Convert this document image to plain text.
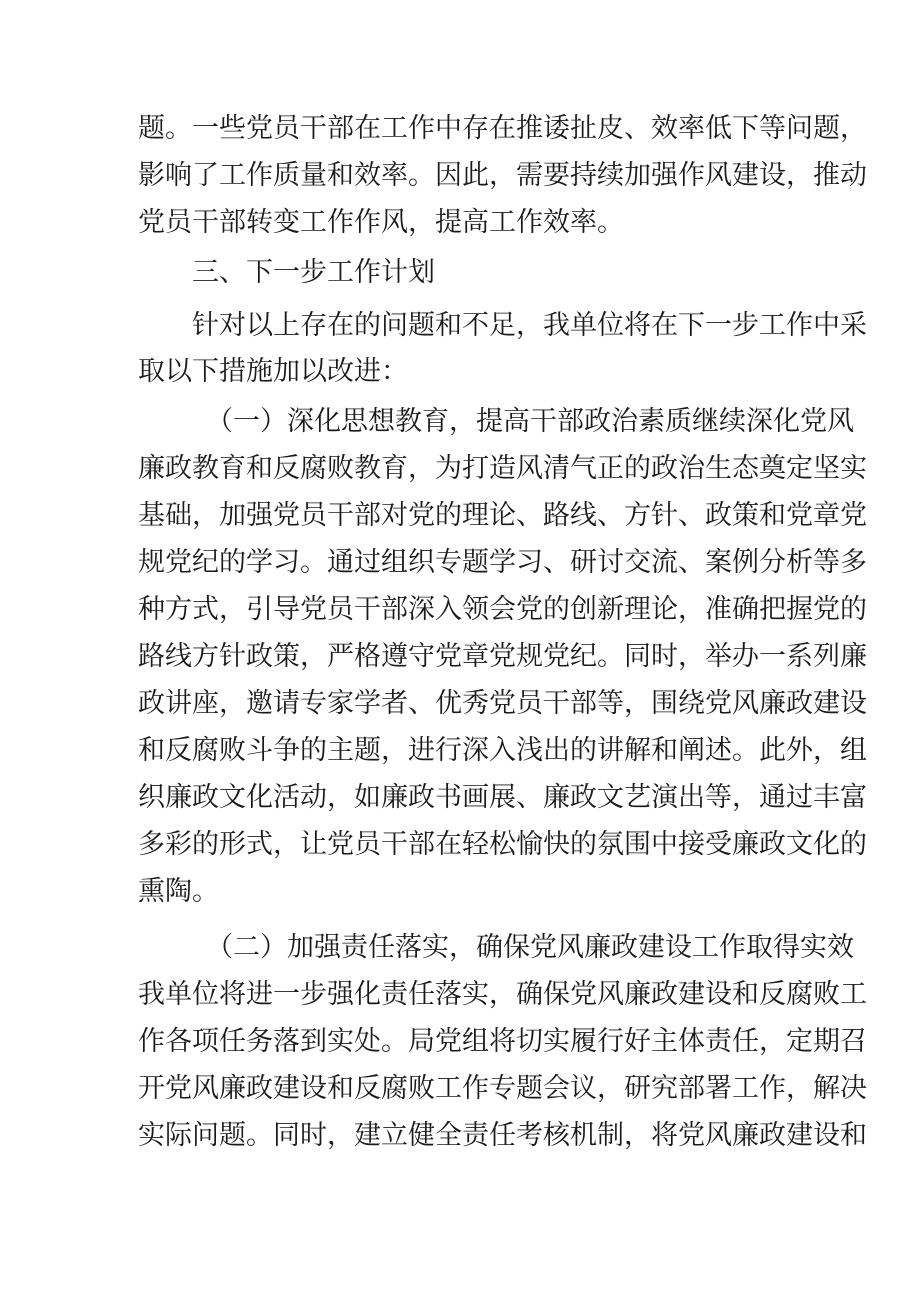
题。一些党员干部在工作中存在推诿扯皮、效率低下等问题，
影响了工作质量和效率。因此，需要持续加强作风建设，推动
党员干部转变工作作风，提高工作效率。
三、下一步工作计划
针对以上存在的问题和不足，我单位将在下一步工作中采
取以下措施加以改进：
（一）深化思想教育，提高干部政治素质继续深化党风
廉政教育和反腐败教育，为打造风清气正的政治生态奠定坚实
基础，加强党员干部对党的理论、路线、方针、政策和党章党
规党纪的学习。通过组织专题学习、研讨交流、案例分析等多
种方式，引导党员干部深入领会党的创新理论，准确把握党的
路线方针政策，严格遵守党章党规党纪。同时，举办一系列廉
政讲座，邀请专家学者、优秀党员干部等，围绕党风廉政建设
和反腐败斗争的主题，进行深入浅出的讲解和阐述。此外，组
织廉政文化活动，如廉政书画展、廉政文艺演出等，通过丰富
多彩的形式，让党员干部在轻松愉快的氛围中接受廉政文化的
熏陶。
（二）加强责任落实，确保党风廉政建设工作取得实效
我单位将进一步强化责任落实，确保党风廉政建设和反腐败工
作各项任务落到实处。局党组将切实履行好主体责任，定期召
开党风廉政建设和反腐败工作专题会议，研究部署工作，解决
实际问题。同时，建立健全责任考核机制，将党风廉政建设和
